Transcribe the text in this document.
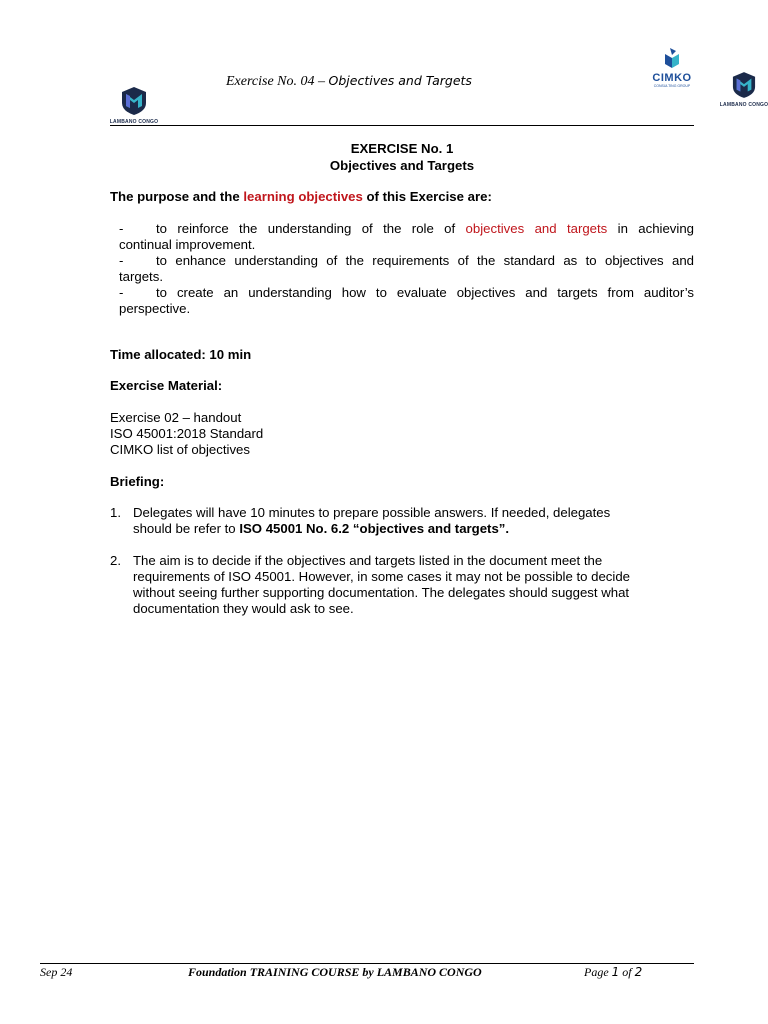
Exercise No. 04 – Objectives and Targets
LAMBANO CONGO
CIMKO
CONSULTING GROUP
LAMBANO CONGO
EXERCISE No. 1
Objectives and Targets
The purpose and the learning objectives of this Exercise are:
- to reinforce the understanding of the role of objectives and targets in achieving
continual improvement.
- to enhance understanding of the requirements of the standard as to objectives and
targets.
- to create an understanding how to evaluate objectives and targets from auditor’s
perspective.
Time allocated: 10 min
Exercise Material:
Exercise 02 – handout
ISO 45001:2018 Standard
CIMKO list of objectives
Briefing:
1. Delegates will have 10 minutes to prepare possible answers. If needed, delegates
should be refer to ISO 45001 No. 6.2 “objectives and targets”.
2. The aim is to decide if the objectives and targets listed in the document meet the
requirements of ISO 45001. However, in some cases it may not be possible to decide
without seeing further supporting documentation. The delegates should suggest what
documentation they would ask to see.
Sep 24	Foundation TRAINING COURSE by LAMBANO CONGO	Page 1 of 2
